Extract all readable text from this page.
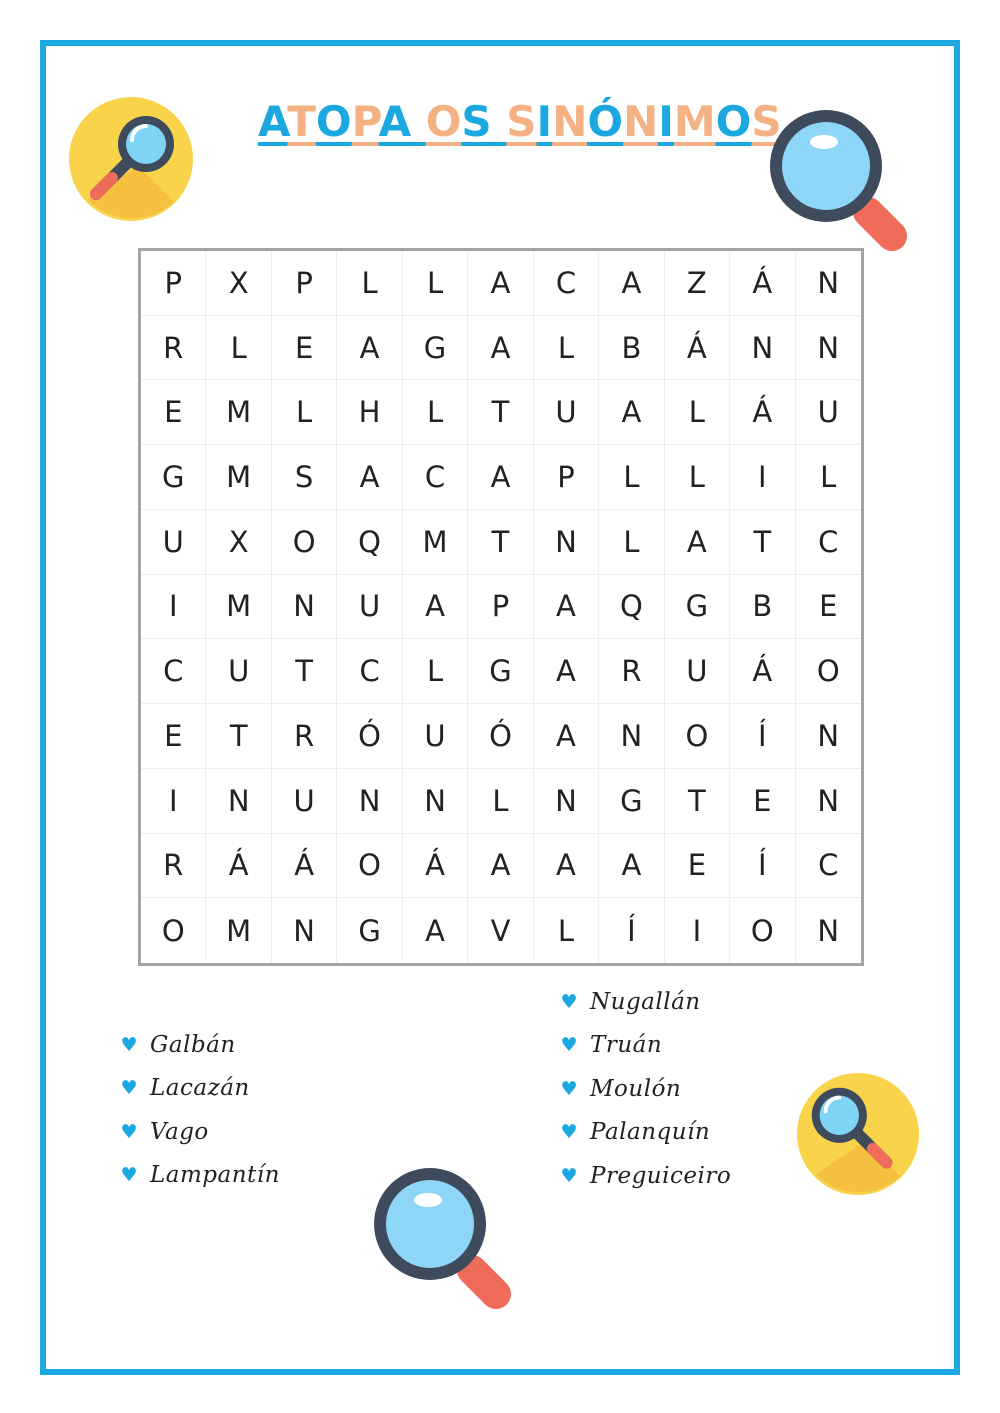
ATOPA OS SINÓNIMOS
P	X	P	L	L	A	C	A	Z	Á	N
R	L	E	A	G	A	L	B	Á	N	N
E	M	L	H	L	T	U	A	L	Á	U
G	M	S	A	C	A	P	L	L	I	L
U	X	O	Q	M	T	N	L	A	T	C
I	M	N	U	A	P	A	Q	G	B	E
C	U	T	C	L	G	A	R	U	Á	O
E	T	R	Ó	U	Ó	A	N	O	Í	N
I	N	U	N	N	L	N	G	T	E	N
R	Á	Á	O	Á	A	A	A	E	Í	C
O	M	N	G	A	V	L	Í	I	O	N
♥ Galbán
♥ Lacazán
♥ Vago
♥ Lampantín
♥ Nugallán
♥ Truán
♥ Moulón
♥ Palanquín
♥ Preguiceiro
